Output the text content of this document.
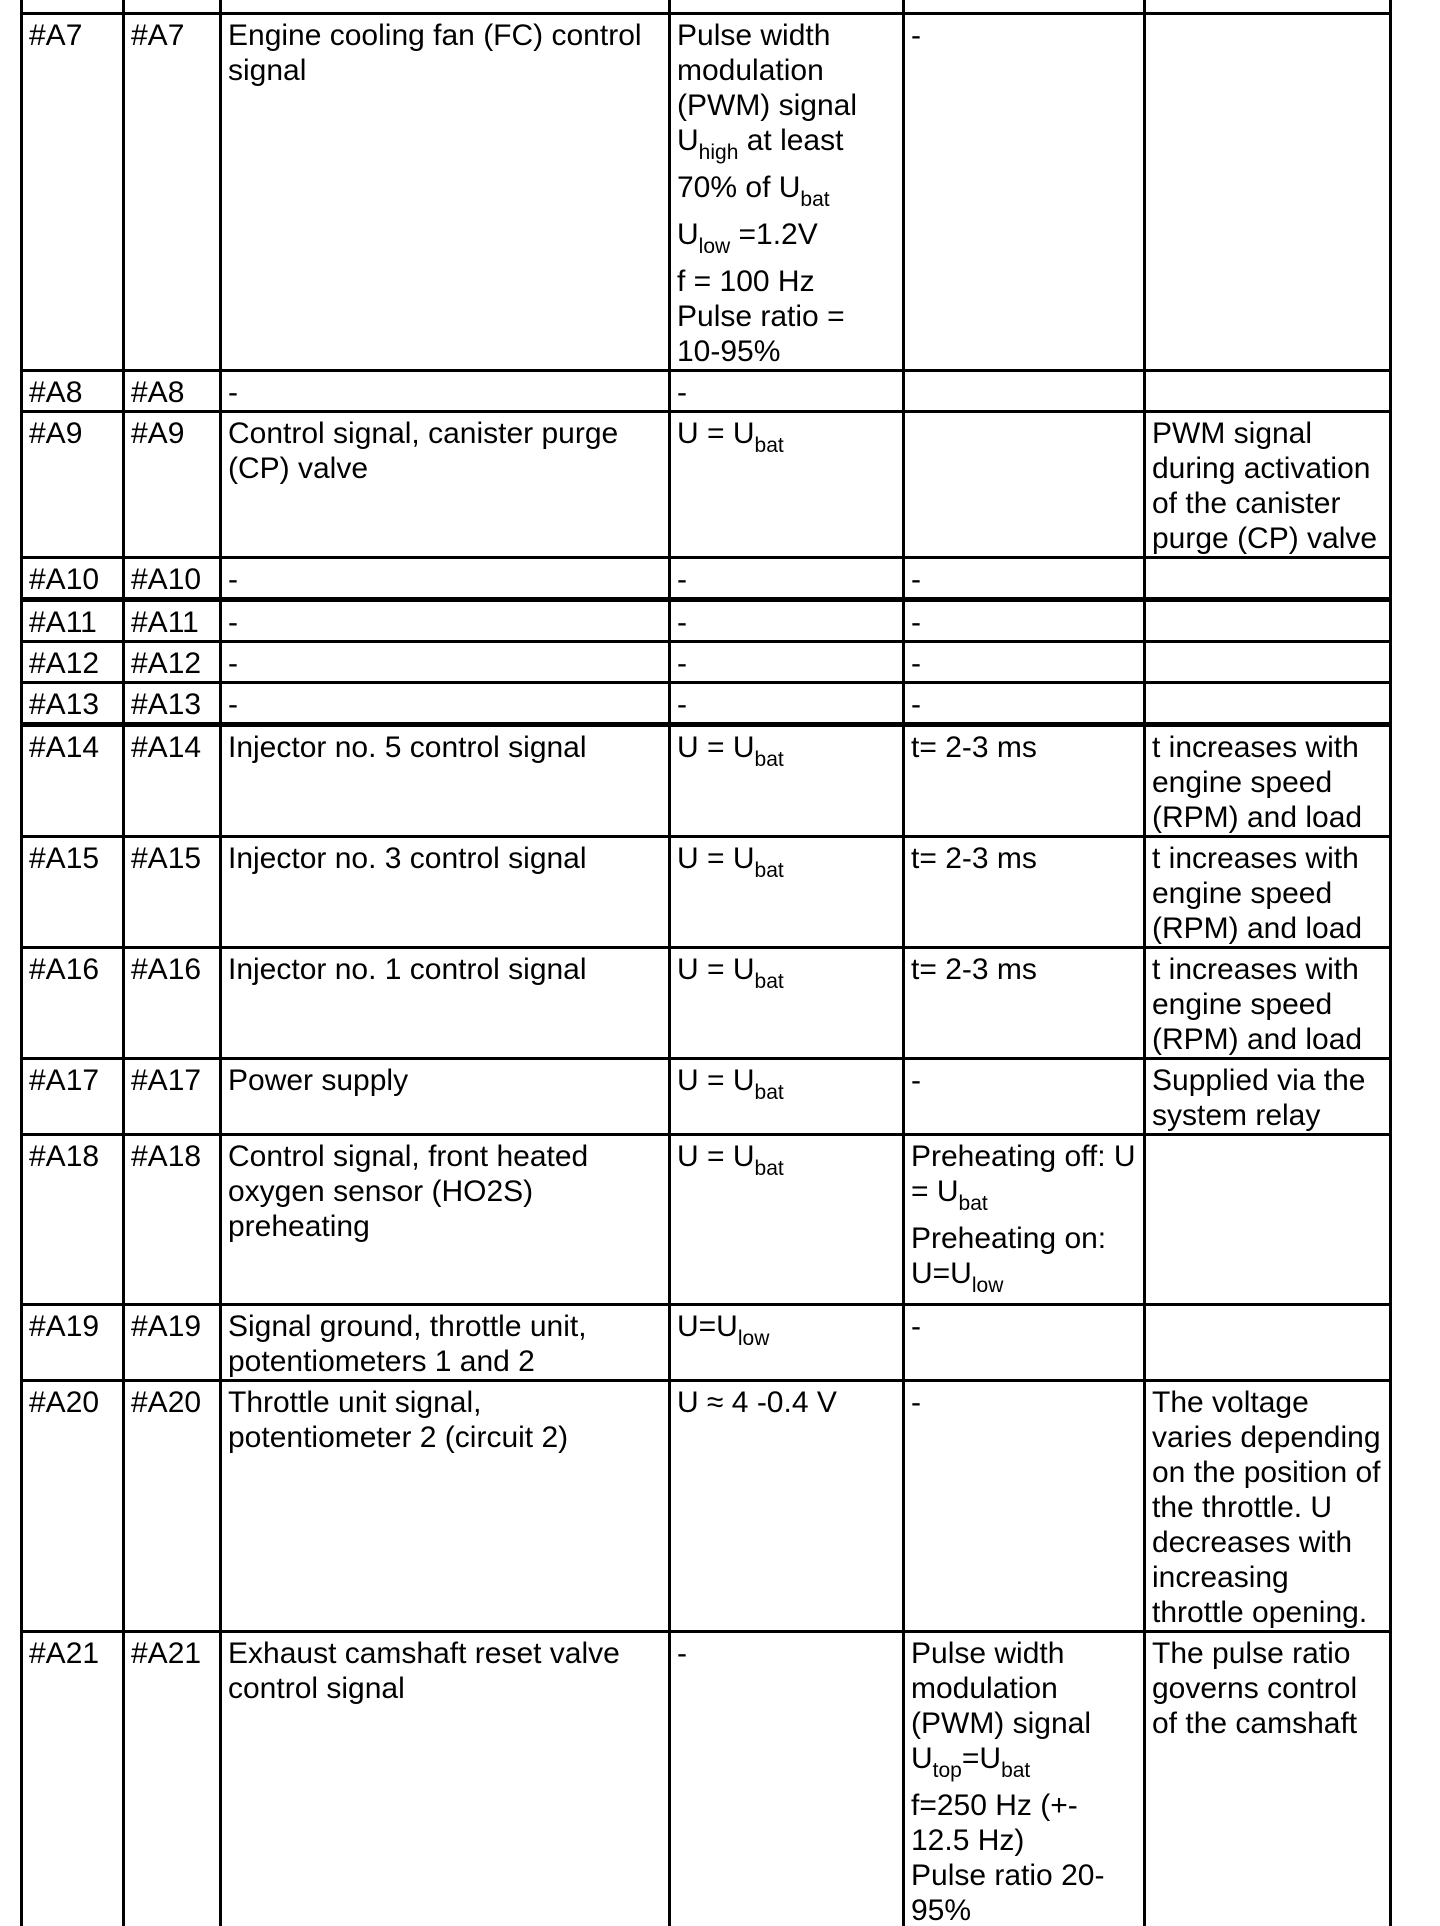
#A7	#A7	Engine cooling fan (FC) control signal	Pulse width modulation (PWM) signal
$U_{high}$ at least 70% of $U_{bat}$
$U_{low} =1.2V$
f = 100 Hz
Pulse ratio = 10-95%	-	
#A8	#A8	-	-		
#A9	#A9	Control signal, canister purge (CP) valve	$U = U_{bat}$		PWM signal during activation of the canister purge (CP) valve
#A10	#A10	-	-	-	
#A11	#A11	-	-	-	
#A12	#A12	-	-	-	
#A13	#A13	-	-	-	
#A14	#A14	Injector no. 5 control signal	$U = U_{bat}$	t= 2-3 ms	t increases with engine speed (RPM) and load
#A15	#A15	Injector no. 3 control signal	$U = U_{bat}$	t= 2-3 ms	t increases with engine speed (RPM) and load
#A16	#A16	Injector no. 1 control signal	$U = U_{bat}$	t= 2-3 ms	t increases with engine speed (RPM) and load
#A17	#A17	Power supply	$U = U_{bat}$	-	Supplied via the system relay
#A18	#A18	Control signal, front heated oxygen sensor (HO2S) preheating	$U = U_{bat}$	Preheating off: U
= $U_{bat}$
Preheating on:
$U=U_{low}$	
#A19	#A19	Signal ground, throttle unit, potentiometers 1 and 2	$U=U_{low}$	-	
#A20	#A20	Throttle unit signal, potentiometer 2 (circuit 2)	U ≈ 4 -0.4 V	-	The voltage varies depending on the position of the throttle. U decreases with increasing throttle opening.
#A21	#A21	Exhaust camshaft reset valve control signal	-	Pulse width modulation (PWM) signal
$U_{top}=U_{bat}$
f=250 Hz (+- 12.5 Hz)
Pulse ratio 20-95%	The pulse ratio governs control of the camshaft
